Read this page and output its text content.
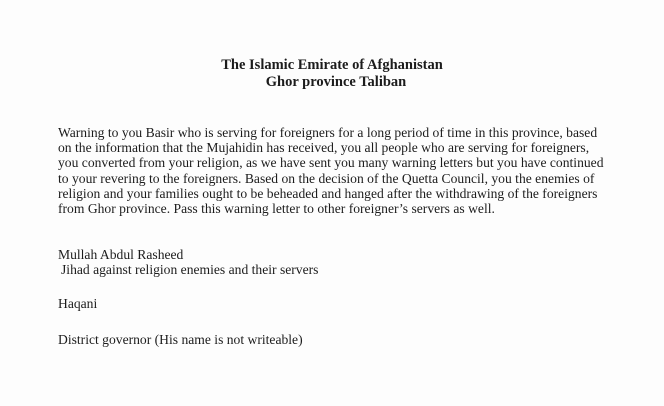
The Islamic Emirate of Afghanistan
Ghor province Taliban
Warning to you Basir who is serving for foreigners for a long period of time in this province, based
on the information that the Mujahidin has received, you all people who are serving for foreigners,
you converted from your religion, as we have sent you many warning letters but you have continued
to your revering to the foreigners. Based on the decision of the Quetta Council, you the enemies of
religion and your families ought to be beheaded and hanged after the withdrawing of the foreigners
from Ghor province. Pass this warning letter to other foreigner’s servers as well.
Mullah Abdul Rasheed
Jihad against religion enemies and their servers
Haqani
District governor (His name is not writeable)
